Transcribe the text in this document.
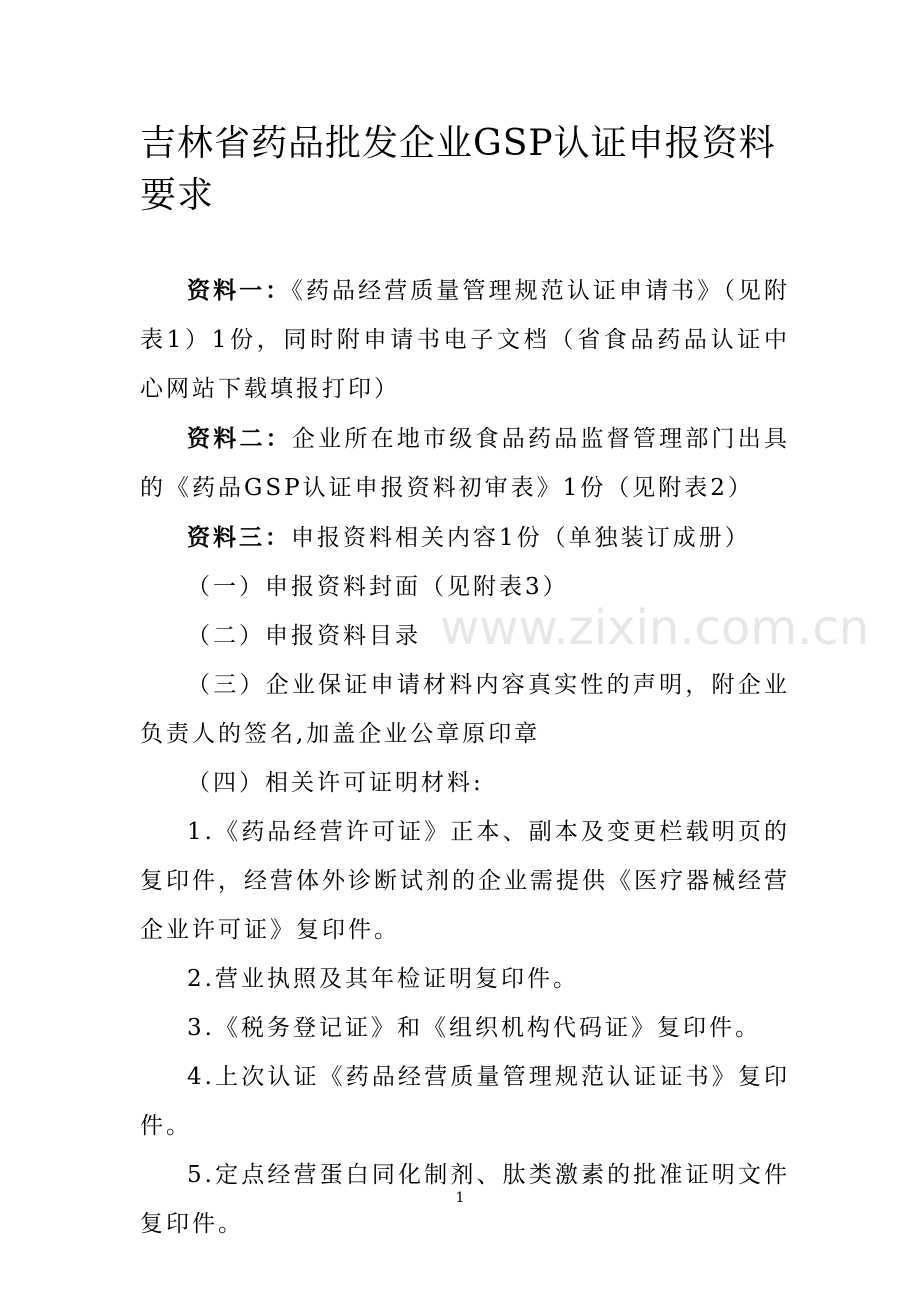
吉林省药品批发企业GSP认证申报资料要求

资料一：《药品经营质量管理规范认证申请书》（见附表1）1份，同时附申请书电子文档（省食品药品认证中心网站下载填报打印）

资料二：企业所在地市级食品药品监督管理部门出具的《药品GSP认证申报资料初审表》1份（见附表2）

资料三：申报资料相关内容1份（单独装订成册）

（一）申报资料封面（见附表3）

（二）申报资料目录

（三）企业保证申请材料内容真实性的声明，附企业负责人的签名,加盖企业公章原印章

（四）相关许可证明材料:

1.《药品经营许可证》正本、副本及变更栏载明页的复印件，经营体外诊断试剂的企业需提供《医疗器械经营企业许可证》复印件。

2.营业执照及其年检证明复印件。

3.《税务登记证》和《组织机构代码证》复印件。

4.上次认证《药品经营质量管理规范认证证书》复印件。

5.定点经营蛋白同化制剂、肽类激素的批准证明文件复印件。

www.zixin.com.cn
1
